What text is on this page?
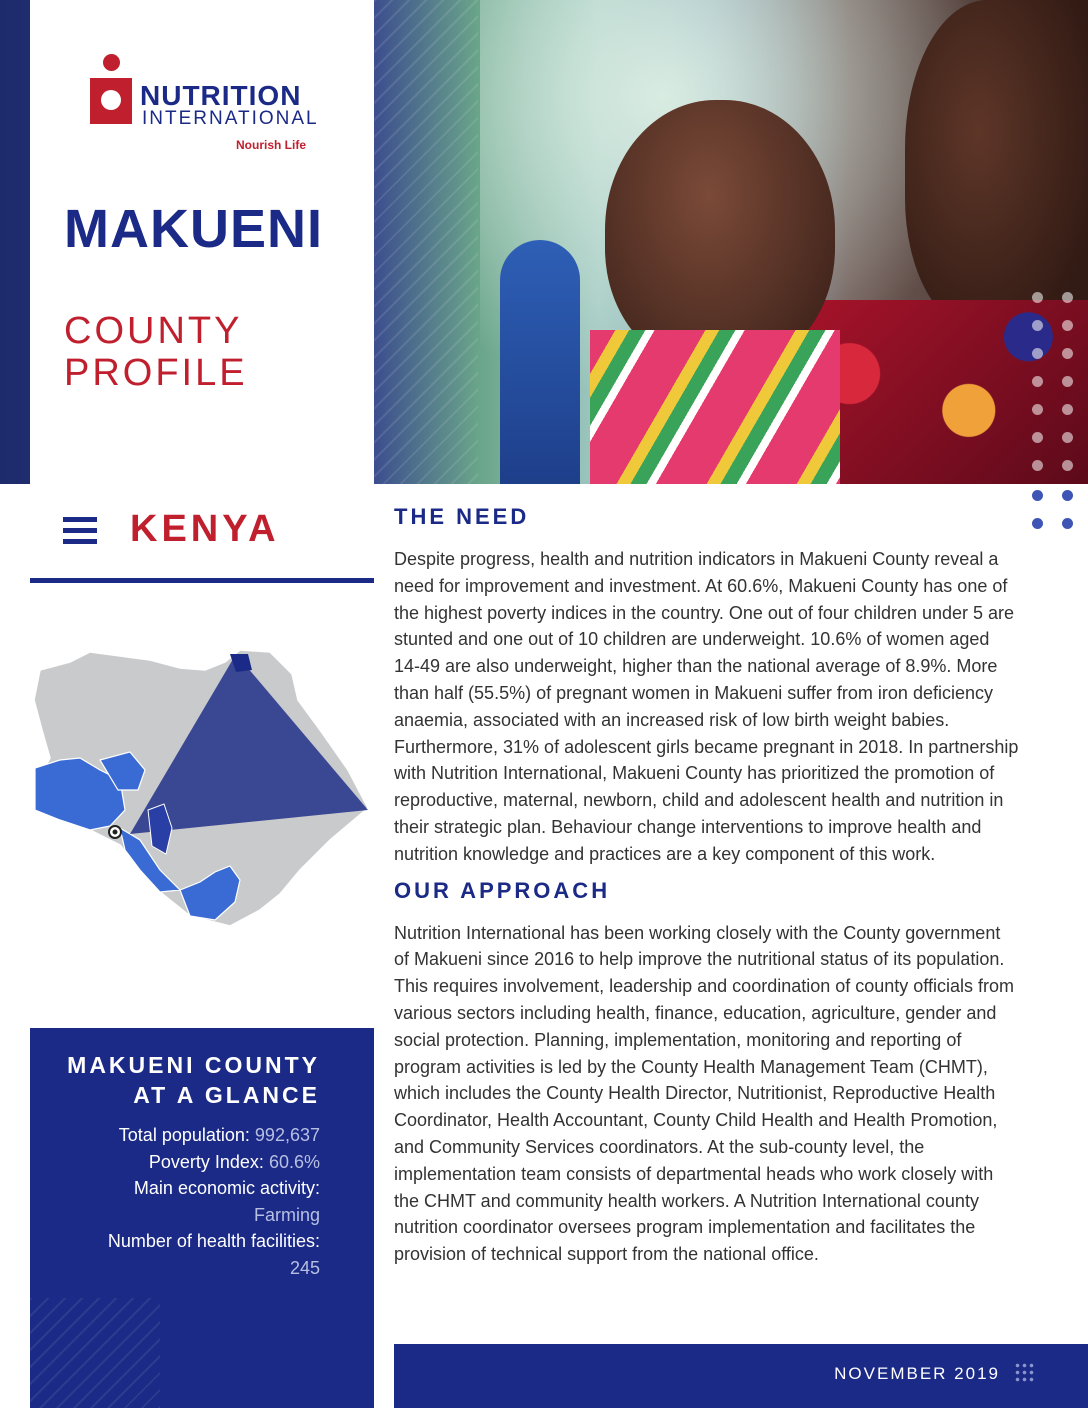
NUTRITION
INTERNATIONAL
Nourish Life
MAKUENI
COUNTY
PROFILE
KENYA
MAKUENI COUNTY
AT A GLANCE
Total population: 992,637
Poverty Index: 60.6%
Main economic activity:
Farming
Number of health facilities:
245
THE NEED

Despite progress, health and nutrition indicators in Makueni County reveal a need for improvement and investment. At 60.6%, Makueni County has one of the highest poverty indices in the country. One out of four children under 5 are stunted and one out of 10 children are underweight. 10.6% of women aged 14-49 are also underweight, higher than the national average of 8.9%. More than half (55.5%) of pregnant women in Makueni suffer from iron deficiency anaemia, associated with an increased risk of low birth weight babies. Furthermore, 31% of adolescent girls became pregnant in 2018. In partnership with Nutrition International, Makueni County has prioritized the promotion of reproductive, maternal, newborn, child and adolescent health and nutrition in their strategic plan. Behaviour change interventions to improve health and nutrition knowledge and practices are a key component of this work.

OUR APPROACH

Nutrition International has been working closely with the County government of Makueni since 2016 to help improve the nutritional status of its population. This requires involvement, leadership and coordination of county officials from various sectors including health, finance, education, agriculture, gender and social protection. Planning, implementation, monitoring and reporting of program activities is led by the County Health Management Team (CHMT), which includes the County Health Director, Nutritionist, Reproductive Health Coordinator, Health Accountant, County Child Health and Health Promotion, and Community Services coordinators. At the sub-county level, the implementation team consists of departmental heads who work closely with the CHMT and community health workers. A Nutrition International county nutrition coordinator oversees program implementation and facilitates the provision of technical support from the national office.

NOVEMBER 2019
